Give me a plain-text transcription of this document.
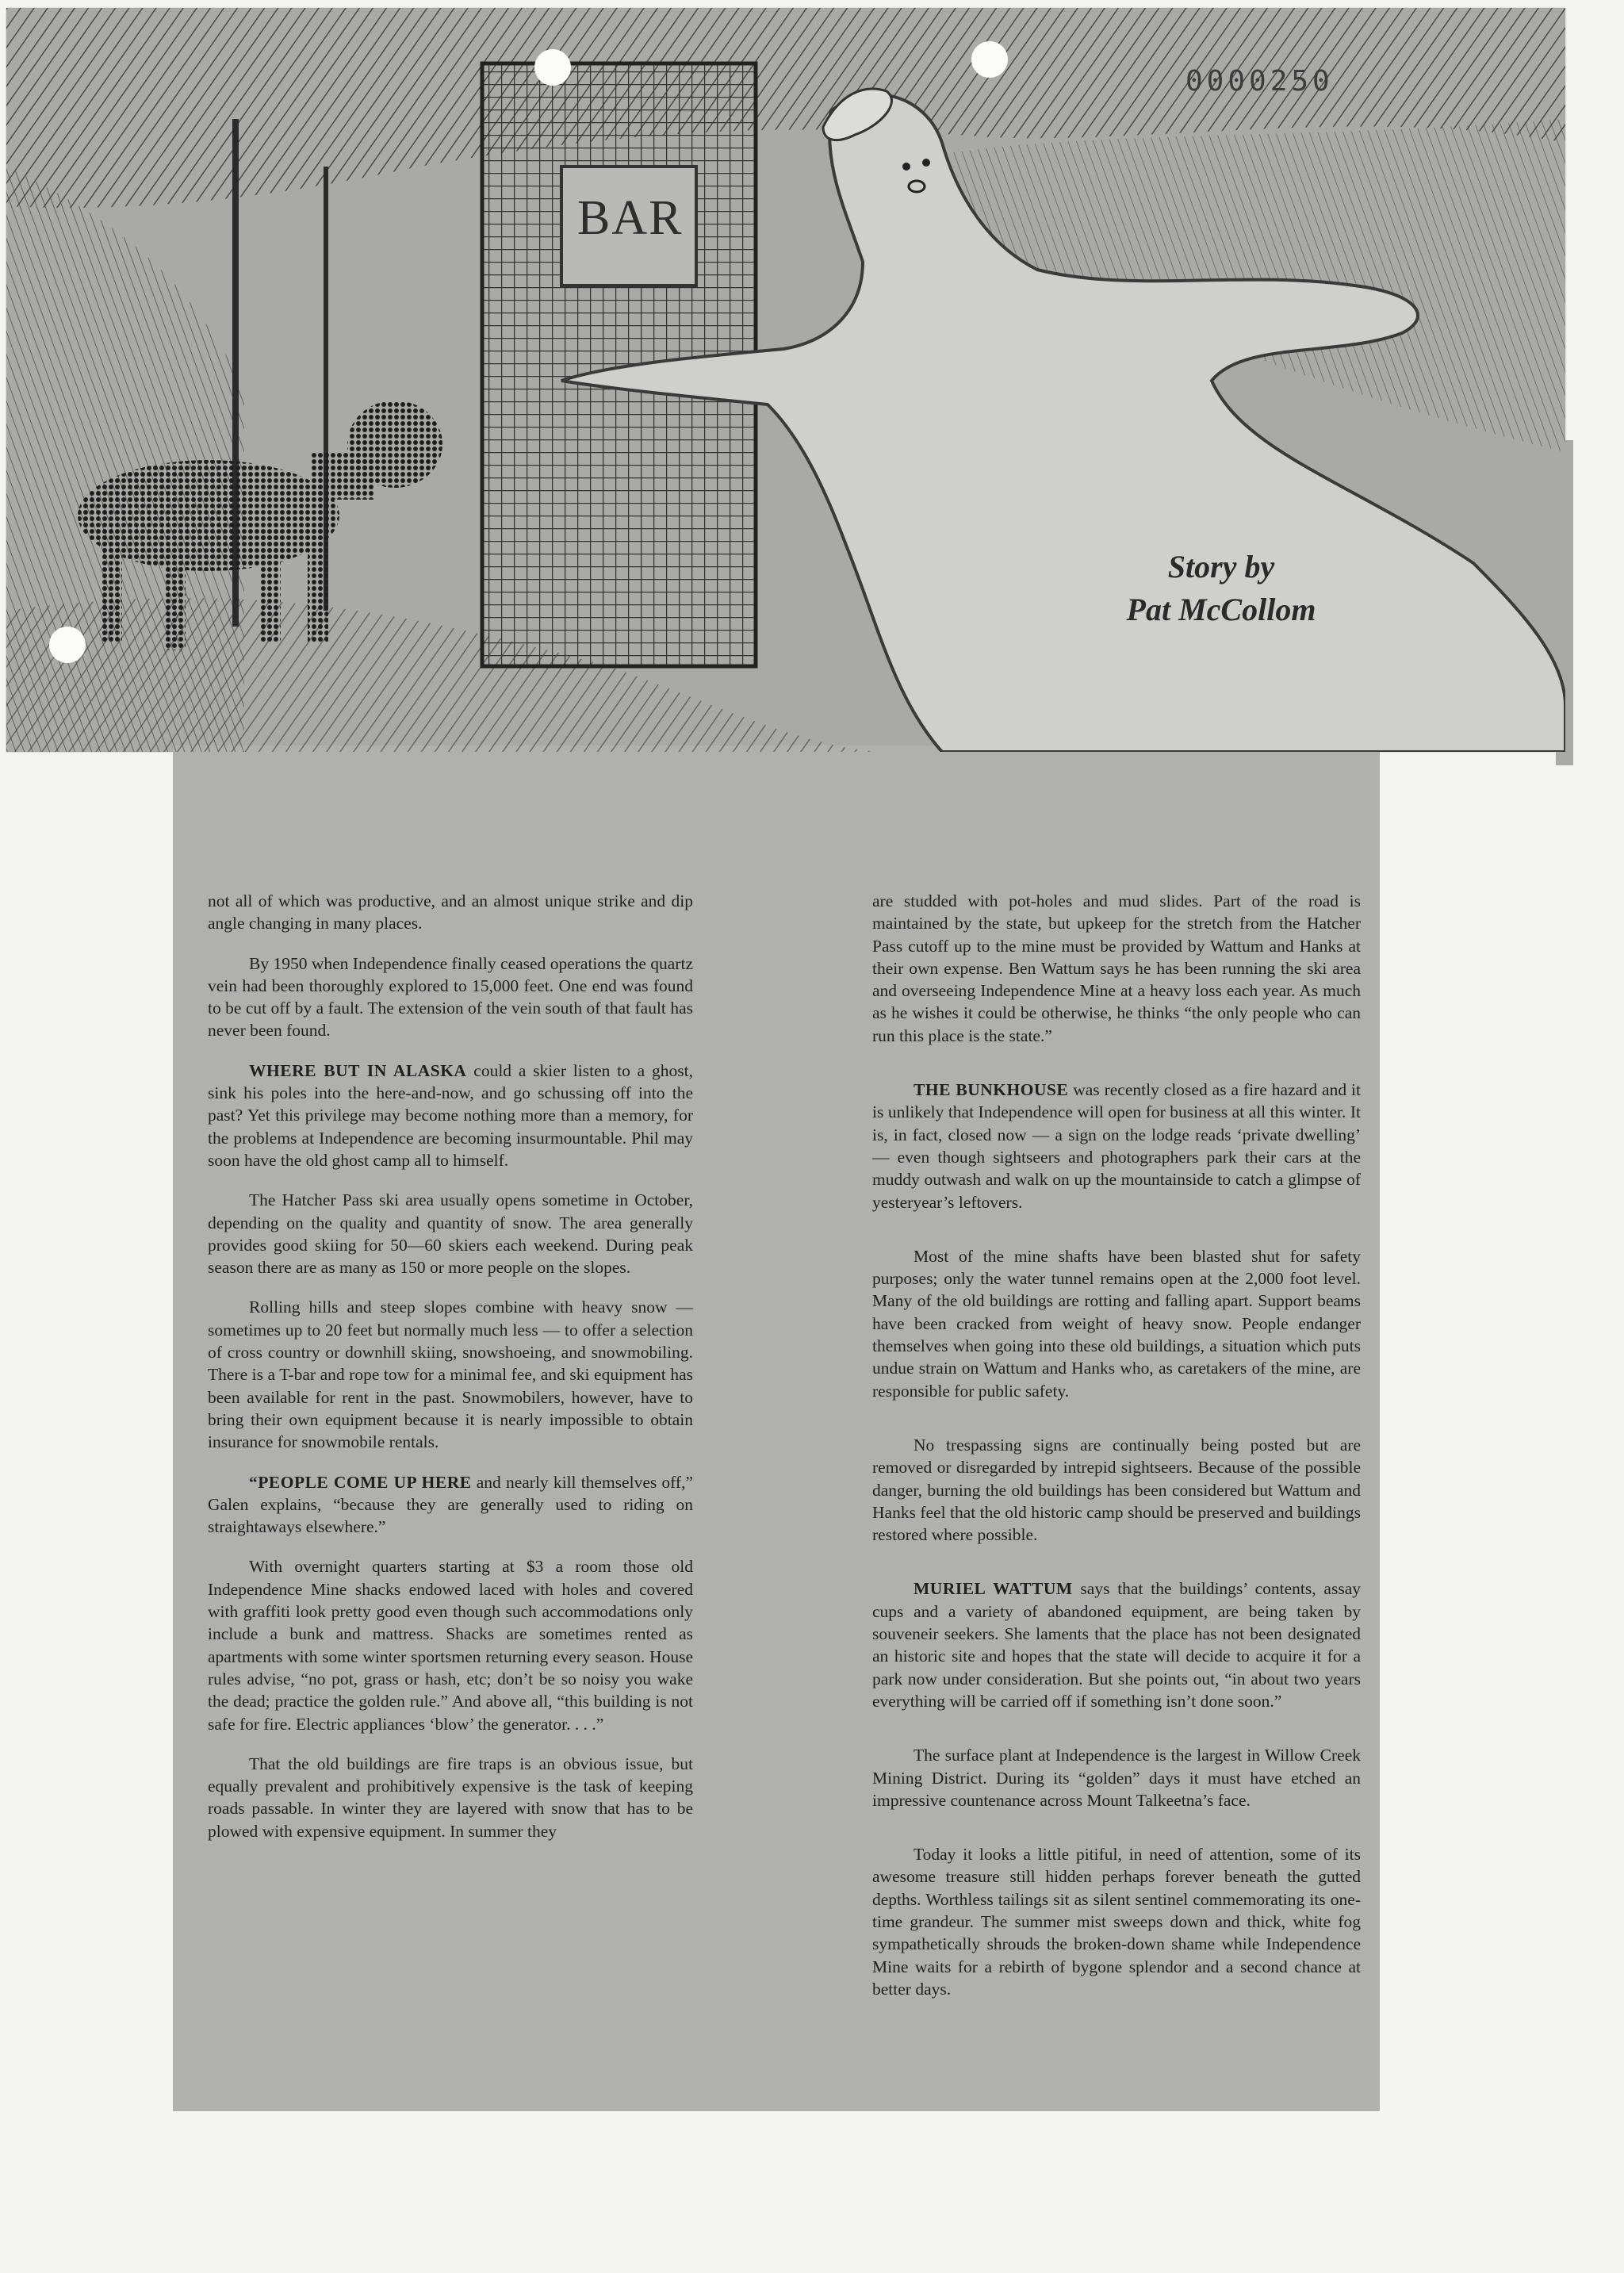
BAR
0000250
Story by
Pat McCollom

not all of which was productive, and an almost unique strike and dip angle changing in many places.

By 1950 when Independence finally ceased operations the quartz vein had been thoroughly explored to 15,000 feet. One end was found to be cut off by a fault. The extension of the vein south of that fault has never been found.

WHERE BUT IN ALASKA could a skier listen to a ghost, sink his poles into the here-and-now, and go schussing off into the past? Yet this privilege may become nothing more than a memory, for the problems at Independence are becoming insurmountable. Phil may soon have the old ghost camp all to himself.

The Hatcher Pass ski area usually opens sometime in October, depending on the quality and quantity of snow. The area generally provides good skiing for 50—60 skiers each weekend. During peak season there are as many as 150 or more people on the slopes.

Rolling hills and steep slopes combine with heavy snow — sometimes up to 20 feet but normally much less — to offer a selection of cross country or downhill skiing, snowshoeing, and snowmobiling. There is a T-bar and rope tow for a minimal fee, and ski equipment has been available for rent in the past. Snowmobilers, however, have to bring their own equipment because it is nearly impossible to obtain insurance for snowmobile rentals.

“PEOPLE COME UP HERE and nearly kill themselves off,” Galen explains, “because they are generally used to riding on straightaways elsewhere.”

With overnight quarters starting at $3 a room those old Independence Mine shacks endowed laced with holes and covered with graffiti look pretty good even though such accommodations only include a bunk and mattress. Shacks are sometimes rented as apartments with some winter sportsmen returning every season. House rules advise, “no pot, grass or hash, etc; don’t be so noisy you wake the dead; practice the golden rule.” And above all, “this building is not safe for fire. Electric appliances ‘blow’ the generator. . . .”

That the old buildings are fire traps is an obvious issue, but equally prevalent and prohibitively expensive is the task of keeping roads passable. In winter they are layered with snow that has to be plowed with expensive equipment. In summer they

are studded with pot-holes and mud slides. Part of the road is maintained by the state, but upkeep for the stretch from the Hatcher Pass cutoff up to the mine must be provided by Wattum and Hanks at their own expense. Ben Wattum says he has been running the ski area and overseeing Independence Mine at a heavy loss each year. As much as he wishes it could be otherwise, he thinks “the only people who can run this place is the state.”

THE BUNKHOUSE was recently closed as a fire hazard and it is unlikely that Independence will open for business at all this winter. It is, in fact, closed now — a sign on the lodge reads ‘private dwelling’ — even though sightseers and photographers park their cars at the muddy outwash and walk on up the mountainside to catch a glimpse of yesteryear’s leftovers.

Most of the mine shafts have been blasted shut for safety purposes; only the water tunnel remains open at the 2,000 foot level. Many of the old buildings are rotting and falling apart. Support beams have been cracked from weight of heavy snow. People endanger themselves when going into these old buildings, a situation which puts undue strain on Wattum and Hanks who, as caretakers of the mine, are responsible for public safety.

No trespassing signs are continually being posted but are removed or disregarded by intrepid sightseers. Because of the possible danger, burning the old buildings has been considered but Wattum and Hanks feel that the old historic camp should be preserved and buildings restored where possible.

MURIEL WATTUM says that the buildings’ contents, assay cups and a variety of abandoned equipment, are being taken by souveneir seekers. She laments that the place has not been designated an historic site and hopes that the state will decide to acquire it for a park now under consideration. But she points out, “in about two years everything will be carried off if something isn’t done soon.”

The surface plant at Independence is the largest in Willow Creek Mining District. During its “golden” days it must have etched an impressive countenance across Mount Talkeetna’s face.

Today it looks a little pitiful, in need of attention, some of its awesome treasure still hidden perhaps forever beneath the gutted depths. Worthless tailings sit as silent sentinel commemorating its one-time grandeur. The summer mist sweeps down and thick, white fog sympathetically shrouds the broken-down shame while Independence Mine waits for a rebirth of bygone splendor and a second chance at better days.
